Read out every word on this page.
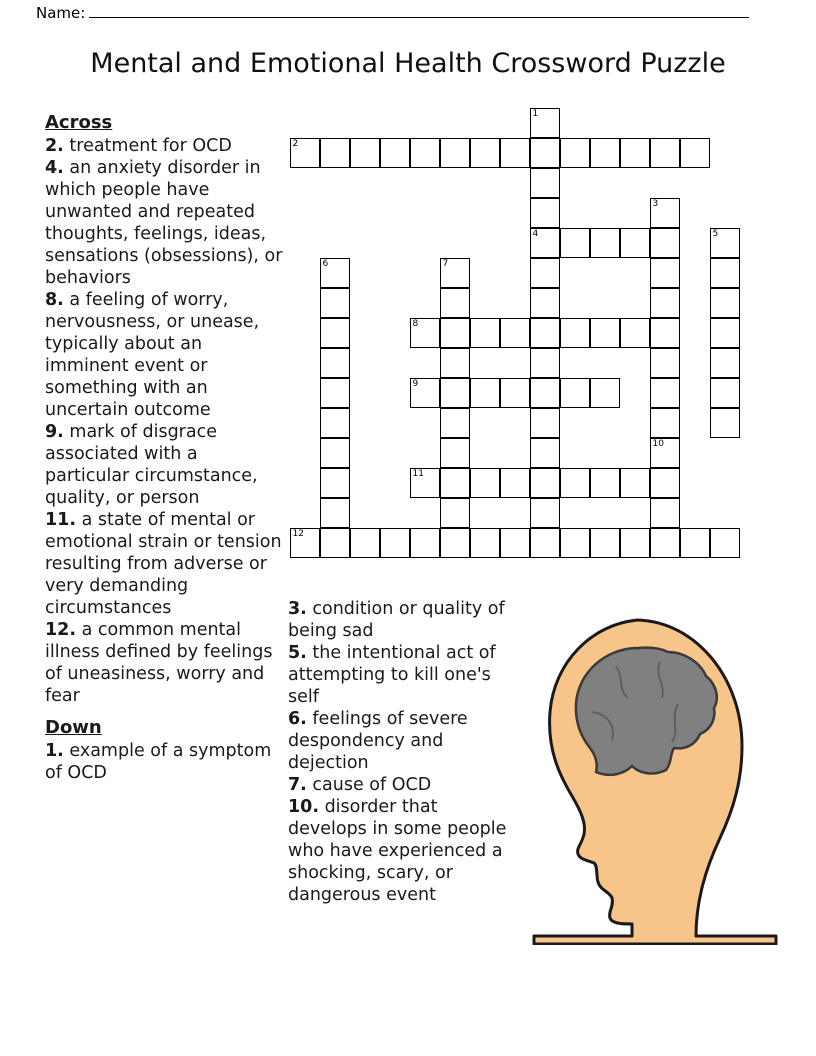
Name:
Mental and Emotional Health Crossword Puzzle
Across
2. treatment for OCD
4. an anxiety disorder in which people have unwanted and repeated thoughts, feelings, ideas, sensations (obsessions), or behaviors
8. a feeling of worry, nervousness, or unease, typically about an imminent event or something with an uncertain outcome
9. mark of disgrace associated with a particular circumstance, quality, or person
11. a state of mental or emotional strain or tension resulting from adverse or very demanding circumstances
12. a common mental illness defined by feelings of uneasiness, worry and fear
Down
1. example of a symptom of OCD
3. condition or quality of being sad
5. the intentional act of attempting to kill one's self
6. feelings of severe despondency and dejection
7. cause of OCD
10. disorder that develops in some people who have experienced a shocking, scary, or dangerous event
1
2
3
4	5
6	7
8
9
10
11
12
